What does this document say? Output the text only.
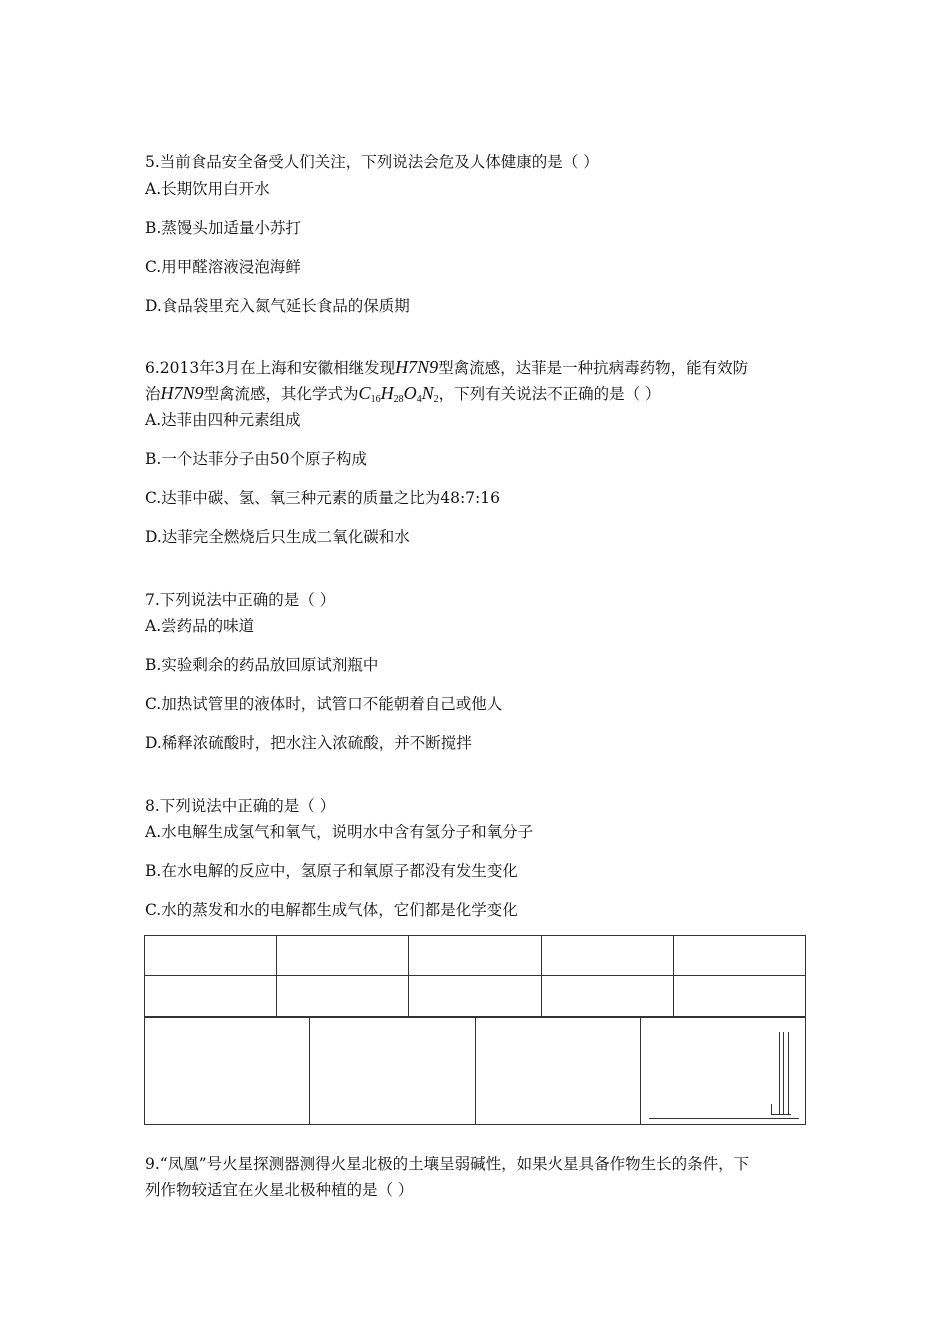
5.当前食品安全备受人们关注，下列说法会危及人体健康的是（ ）
A.长期饮用白开水
B.蒸馒头加适量小苏打
C.用甲醛溶液浸泡海鲜
D.食品袋里充入氮气延长食品的保质期
6.2013年3月在上海和安徽相继发现H7N9型禽流感，达菲是一种抗病毒药物，能有效防
治H7N9型禽流感，其化学式为$C_{16}H_{28}O_4N_2$，下列有关说法不正确的是（ ）
A.达菲由四种元素组成
B.一个达菲分子由50个原子构成
C.达菲中碳、氢、氧三种元素的质量之比为48:7:16
D.达菲完全燃烧后只生成二氧化碳和水
7.下列说法中正确的是（ ）
A.尝药品的味道
B.实验剩余的药品放回原试剂瓶中
C.加热试管里的液体时，试管口不能朝着自己或他人
D.稀释浓硫酸时，把水注入浓硫酸，并不断搅拌
8.下列说法中正确的是（ ）
A.水电解生成氢气和氧气，说明水中含有氢分子和氧分子
B.在水电解的反应中，氢原子和氧原子都没有发生变化
C.水的蒸发和水的电解都生成气体，它们都是化学变化

9.“凤凰”号火星探测器测得火星北极的土壤呈弱碱性，如果火星具备作物生长的条件，下
列作物较适宜在火星北极种植的是（ ）
